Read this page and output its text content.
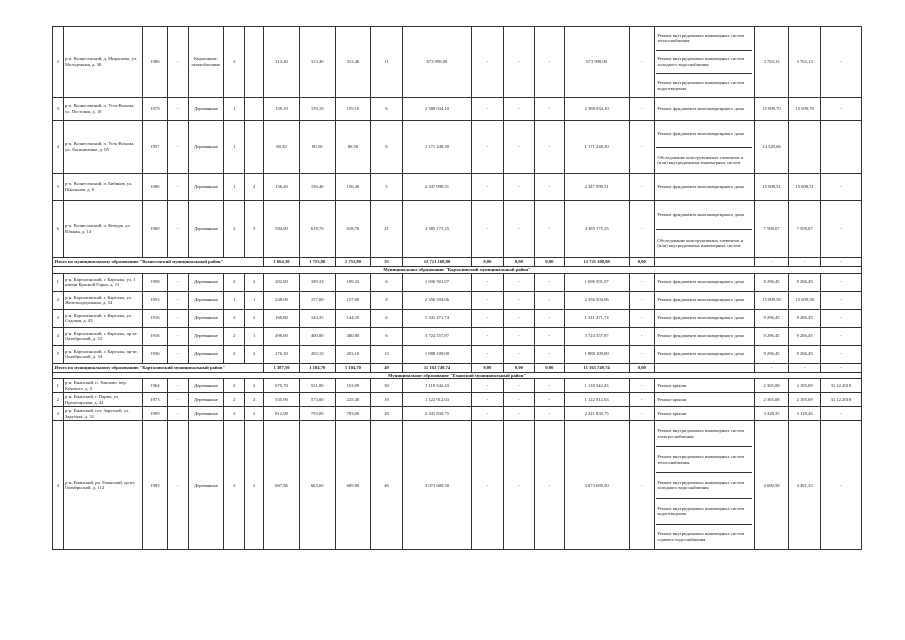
2	р-п. Вознесенский, д. Мирошево, ул. Молодежная, д. 38	1986	-	Кирпичные, шлакоблочные	2		313,40	313,40	313,40	11	673 998,00	-	-	-	673 998,00	-	Ремонт внутридомовых инженерных систем теплоснабжения
Ремонт внутридомовых инженерных систем холодного водоснабжения
Ремонт внутридомовых инженерных систем водоотведения	3 763,13	3 763,13	-
3	р-п. Вознесенский, п. Усть-Вохьма, ул. Постовая, д. 18	1979	-	Деревянные	1		159,10	159,10	159,10	6	2 388 034,10	-	-	-	2 388 034,10	-	Ремонт фундамента многоквартирного дома	15 009,70	15 009,70	-
4	р-п. Вознесенский, п. Усть-Вохьма, ул. Логиниченко, д. 05	1957	-	Деревянные	1		80,50	80,50	80,50	6	1 171 248,30	-	-	-	1 171 248,30	-	Ремонт фундамента многоквартирного дома
Обследование конструктивных элементов и (или) внутридомовых инженерных систем	14 549,66		
5	р-п. Вознесенский, п. Бибиков, ул. Школьная, д. 8	1986	-	Деревянные	1	4	156,40	156,40	156,40	5	2 347 990,51	-	-	-	2 347 990,51	-	Ремонт фундамента многоквартирного дома	15 008,51	15 008,51	-
6	р-п. Вознесенский, п. Кичурк, ул. Южная, д. 14	1960	-	Деревянные	2	3	584,00	618,70	618,70	21	4 385 175,25	-	-	-	4 385 175,25	-	Ремонт фундамента многоквартирного дома
Обследование конструктивных элементов и (или) внутридомовых инженерных систем	7 508,07	7 508,07	-
Итого по муниципальному образованию "Вознесенский муниципальный район"							1 664,30	1 753,80	1 753,80	55	12 721 168,00	0,00	0,00	0,00	12 721 168,00	0,00		-	-	-
Муниципальное образование "Карталинский муниципальный район"																				
1	р-н. Карталинский, г. Карталы, ул. 1 имени Красной Горки, д. 13	1958	-	Деревянные	2	2	202,80	189,33	189,33	6	1 696 501,07	-	-	-	1 696 501,07	-	Ремонт фундамента многоквартирного дома	8 296,45	9 286,45	-
2	р-н. Карталинский, г. Карталы, ул. Железнодорожная, д. 54	1953	-	Деревянные	1	1	248,00	157,00	157,00	8	2 356 504,06	-	-	-	2 356 504,06	-	Ремонт фундамента многоквартирного дома	15 009,58	15 009,58	-
3	р-н. Карталинский, г. Карталы, ул. Садовая, д. 43	1916	-	Деревянные	2	2	160,80	144,35	144,35	6	1 341 471,74	-	-	-	1 341 471,74	-	Ремонт фундамента многоквартирного дома	9 296,45	9 286,45	-
4	р-н. Карталинский, г. Карталы, пр-кт. Октябрьский, д. 33	1916	-	Деревянные	2	1	496,60	400,80	400,80	6	3 724 557,87	-	-	-	3 724 557,87	-	Ремонт фундамента многоквартирного дома	9 296,45	9 286,45	-
5	р-н. Карталинский, г. Карталы, пр-кт. Октябрьский, д. 34	1936	-	Деревянные	2	2	276,30	203,10	203,10	13	1 888 109,00	-	-	-	1 888 109,00	-	Ремонт фундамента многоквартирного дома	9 296,45	9 286,45	-
Итого по муниципальному образованию "Карталинский муниципальный район"							1 387,50	1 104,70	1 104,70	49	11 163 749,74	0,00	0,00	0,00	11 163 749,74	0,00		-	-	-
Муниципальное образование "Еманский муниципальный район"																				
1	р-н. Еманский, п. Хвалово, пер. Кочевого, д. 5	1964	-	Деревянные	2	2	675,70	531,00	163,09	30	1 118 542,43	-	-	-	1 118 542,43	-	Ремонт крыши	2 365,08	2 185,09	31.12.2018
2	р-н. Еманский, г. Парма, ул. Пролетарская, д. 42	1973	-	Деревянные	2	2	535,90	573,00	225,40	19	1 122 912,63	-	-	-	1 122 912,63	-	Ремонт крыши	2 365,08	2 185,09	31.12.2018
3	р-н. Еманский, пгт. Зарутной, ул. Зарутная, д. 32	1999	-	Деревянные	2	2	812,98	793,00	793,00	20	2 341 830,75	-	-	-	2 341 830,75	-	Ремонт крыши	3 328,35	3 129,26	-
4	р-н. Еманский, рп. Еманский, пр-кт. Октябрьский, д. 114	1993	-	Деревянные	2	2	667,86	663,60	609,80	40	3 073 689,50	-	-	-	3 073 689,50	-	Ремонт внутридомовых инженерных систем электроснабжения
Ремонт внутридомовых инженерных систем теплоснабжения
Ремонт внутридомовых инженерных систем холодного водоснабжения
Ремонт внутридомовых инженерных систем водоотведения
Ремонт внутридомовых инженерных систем горячего водоснабжения	4 699,58	4 491,35	-
